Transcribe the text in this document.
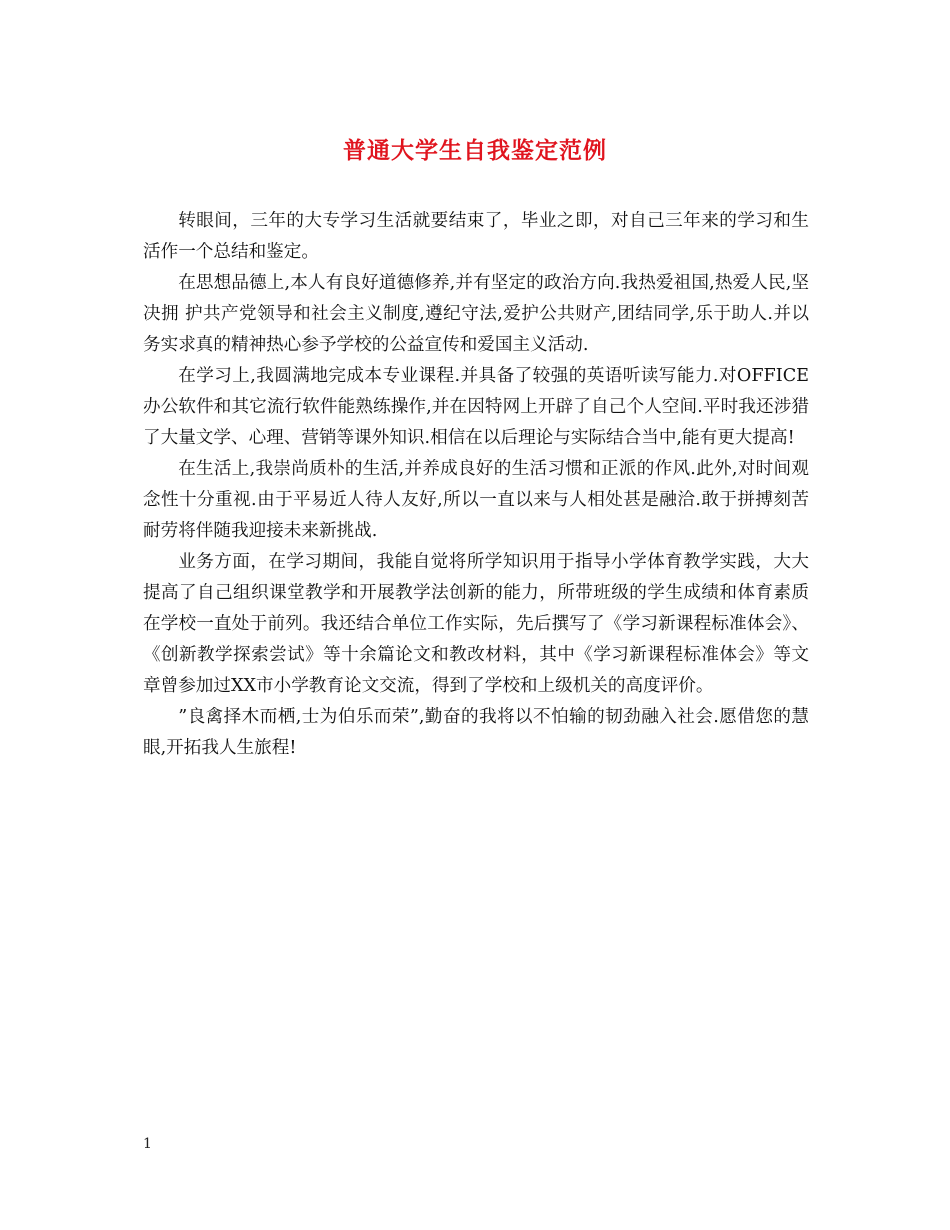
普通大学生自我鉴定范例

转眼间，三年的大专学习生活就要结束了，毕业之即，对自己三年来的学习和生活作一个总结和鉴定。

在思想品德上,本人有良好道德修养,并有坚定的政治方向.我热爱祖国,热爱人民,坚决拥 护共产党领导和社会主义制度,遵纪守法,爱护公共财产,团结同学,乐于助人.并以务实求真的精神热心参予学校的公益宣传和爱国主义活动.

在学习上,我圆满地完成本专业课程.并具备了较强的英语听读写能力.对OFFICE办公软件和其它流行软件能熟练操作,并在因特网上开辟了自己个人空间.平时我还涉猎了大量文学、心理、营销等课外知识.相信在以后理论与实际结合当中,能有更大提高!

在生活上,我崇尚质朴的生活,并养成良好的生活习惯和正派的作风.此外,对时间观念性十分重视.由于平易近人待人友好,所以一直以来与人相处甚是融洽.敢于拼搏刻苦耐劳将伴随我迎接未来新挑战.

业务方面，在学习期间，我能自觉将所学知识用于指导小学体育教学实践，大大提高了自己组织课堂教学和开展教学法创新的能力，所带班级的学生成绩和体育素质在学校一直处于前列。我还结合单位工作实际，先后撰写了《学习新课程标准体会》、《创新教学探索尝试》等十余篇论文和教改材料，其中《学习新课程标准体会》等文章曾参加过XX市小学教育论文交流，得到了学校和上级机关的高度评价。

”良禽择木而栖,士为伯乐而荣”,勤奋的我将以不怕输的韧劲融入社会.愿借您的慧眼,开拓我人生旅程!

1
